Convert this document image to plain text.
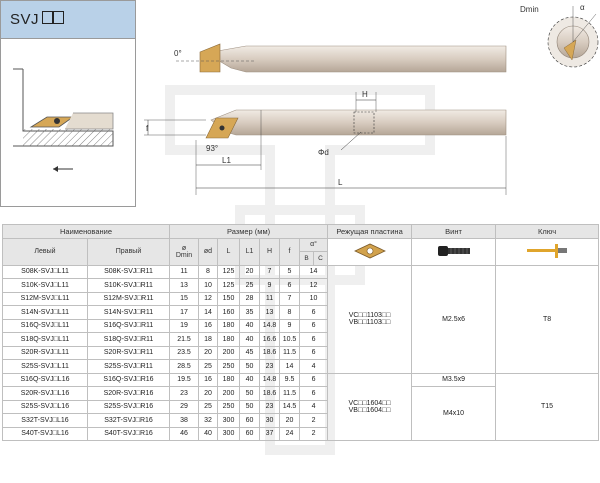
SVJ
0°
f
93°
H
L1
L
Φd
Dmin	α
Наименование		Размер (мм)								Режущая пластина	Винт	Ключ
Левый	Правый	ø
Dmin	ød	L	L1	H	f	α°			
								B	C			
S08K-SVJ□L11	S08K-SVJ□R11	11	8	125	20	7	5	14		VC□□1103□□
VB□□1103□□	M2.5x6	T8
S10K-SVJ□L11	S10K-SVJ□R11	13	10	125	25	9	6	12				
S12M-SVJ□L11	S12M-SVJ□R11	15	12	150	28	11	7	10				
S14N-SVJ□L11	S14N-SVJ□R11	17	14	160	35	13	8	6				
S16Q-SVJ□L11	S16Q-SVJ□R11	19	16	180	40	14.8	9	6				
S18Q-SVJ□L11	S18Q-SVJ□R11	21.5	18	180	40	16.6	10.5	6				
S20R-SVJ□L11	S20R-SVJ□R11	23.5	20	200	45	18.6	11.5	6				
S25S-SVJ□L11	S25S-SVJ□R11	28.5	25	250	50	23	14	4				
S16Q-SVJ□L16	S16Q-SVJ□R16	19.5	16	180	40	14.8	9.5	6		VC□□1604□□
VB□□1604□□	M3.5x9	T15
S20R-SVJ□L16	S20R-SVJ□R16	23	20	200	50	18.6	11.5	6			M4x10	
S25S-SVJ□L16	S25S-SVJ□R16	29	25	250	50	23	14.5	4				
S32T-SVJ□L16	S32T-SVJ□R16	38	32	300	60	30	20	2				
S40T-SVJ□L16	S40T-SVJ□R16	46	40	300	60	37	24	2				
